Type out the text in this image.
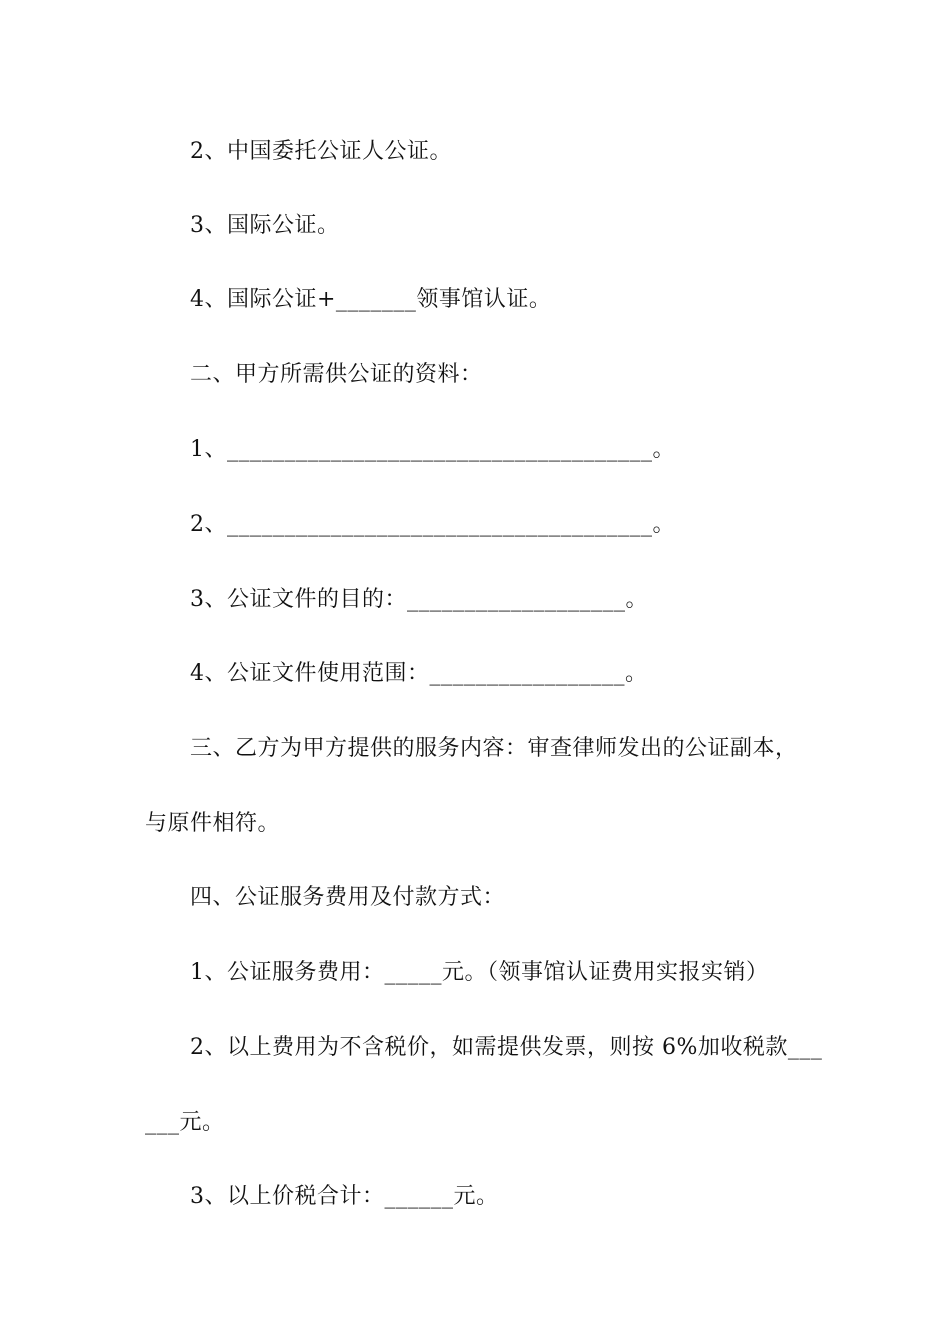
2、中国委托公证人公证。
3、国际公证。
4、国际公证+_______领事馆认证。
二、甲方所需供公证的资料：
1、_____________________________________。
2、_____________________________________。
3、公证文件的目的：___________________。
4、公证文件使用范围：_________________。
三、乙方为甲方提供的服务内容：审查律师发出的公证副本，
与原件相符。
四、公证服务费用及付款方式：
1、公证服务费用：_____元。（领事馆认证费用实报实销）
2、以上费用为不含税价，如需提供发票，则按 6%加收税款___
___元。
3、以上价税合计：______元。
